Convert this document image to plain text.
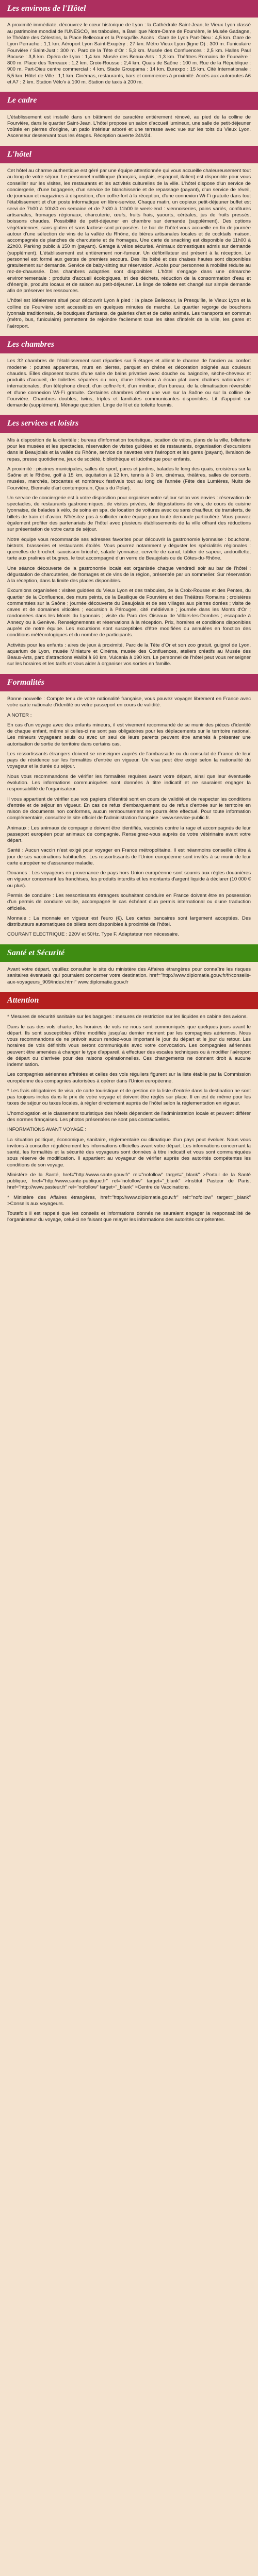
Les environs de l'Hôtel

A proximité immédiate, découvrez le cœur historique de Lyon : la Cathédrale Saint-Jean, le Vieux Lyon classé au patrimoine mondial de l'UNESCO, les traboules, la Basilique Notre-Dame de Fourvière, le Musée Gadagne, le Théâtre des Célestins, la Place Bellecour et la Presqu'île. Accès : Gare de Lyon Part-Dieu : 4,5 km. Gare de Lyon Perrache : 1,1 km. Aéroport Lyon Saint-Exupéry : 27 km. Métro Vieux Lyon (ligne D) : 300 m. Funiculaire Fourvière / Saint-Just : 300 m. Parc de la Tête d'Or : 5,3 km. Musée des Confluences : 2,5 km. Halles Paul Bocuse : 3,8 km. Opéra de Lyon : 1,4 km. Musée des Beaux-Arts : 1,3 km. Théâtres Romains de Fourvière : 800 m. Place des Terreaux : 1,2 km. Croix-Rousse : 2,4 km. Quais de Saône : 100 m. Rue de la République : 900 m. Part-Dieu centre commercial : 4 km. Stade Groupama : 14 km. Eurexpo : 15 km. Cité Internationale : 5,5 km. Hôtel de Ville : 1,1 km. Cinémas, restaurants, bars et commerces à proximité. Accès aux autoroutes A6 et A7 : 2 km. Station Vélo'v à 100 m. Station de taxis à 200 m.

Le cadre

L'établissement est installé dans un bâtiment de caractère entièrement rénové, au pied de la colline de Fourvière, dans le quartier Saint-Jean. L'hôtel propose un salon d'accueil lumineux, une salle de petit-déjeuner voûtée en pierres d'origine, un patio intérieur arboré et une terrasse avec vue sur les toits du Vieux Lyon. Ascenseur desservant tous les étages. Réception ouverte 24h/24.

L'hôtel

Cet hôtel au charme authentique est géré par une équipe attentionnée qui vous accueille chaleureusement tout au long de votre séjour. Le personnel multilingue (français, anglais, espagnol, italien) est disponible pour vous conseiller sur les visites, les restaurants et les activités culturelles de la ville. L'hôtel dispose d'un service de conciergerie, d'une bagagerie, d'un service de blanchisserie et de repassage (payant), d'un service de réveil, de journaux et magazines à disposition, d'un coffre-fort à la réception, d'une connexion Wi-Fi gratuite dans tout l'établissement et d'un poste informatique en libre-service. Chaque matin, un copieux petit-déjeuner buffet est servi de 7h00 à 10h30 en semaine et de 7h30 à 11h00 le week-end : viennoiseries, pains variés, confitures artisanales, fromages régionaux, charcuterie, œufs, fruits frais, yaourts, céréales, jus de fruits pressés, boissons chaudes. Possibilité de petit-déjeuner en chambre sur demande (supplément). Des options végétariennes, sans gluten et sans lactose sont proposées. Le bar de l'hôtel vous accueille en fin de journée autour d'une sélection de vins de la vallée du Rhône, de bières artisanales locales et de cocktails maison, accompagnés de planches de charcuterie et de fromages. Une carte de snacking est disponible de 11h00 à 22h00. Parking public à 150 m (payant). Garage à vélos sécurisé. Animaux domestiques admis sur demande (supplément). L'établissement est entièrement non-fumeur. Un défibrillateur est présent à la réception. Le personnel est formé aux gestes de premiers secours. Des lits bébé et des chaises hautes sont disponibles gratuitement sur demande. Service de baby-sitting sur réservation. Accès pour personnes à mobilité réduite au rez-de-chaussée. Des chambres adaptées sont disponibles. L'hôtel s'engage dans une démarche environnementale : produits d'accueil écologiques, tri des déchets, réduction de la consommation d'eau et d'énergie, produits locaux et de saison au petit-déjeuner. Le linge de toilette est changé sur simple demande afin de préserver les ressources.

L'hôtel est idéalement situé pour découvrir Lyon à pied : la place Bellecour, la Presqu'île, le Vieux Lyon et la colline de Fourvière sont accessibles en quelques minutes de marche. Le quartier regorge de bouchons lyonnais traditionnels, de boutiques d'artisans, de galeries d'art et de cafés animés. Les transports en commun (métro, bus, funiculaire) permettent de rejoindre facilement tous les sites d'intérêt de la ville, les gares et l'aéroport.

Les chambres

Les 32 chambres de l'établissement sont réparties sur 5 étages et allient le charme de l'ancien au confort moderne : poutres apparentes, murs en pierres, parquet en chêne et décoration soignée aux couleurs chaudes. Elles disposent toutes d'une salle de bains privative avec douche ou baignoire, sèche-cheveux et produits d'accueil, de toilettes séparées ou non, d'une télévision à écran plat avec chaînes nationales et internationales, d'un téléphone direct, d'un coffre-fort, d'un minibar, d'un bureau, de la climatisation réversible et d'une connexion Wi-Fi gratuite. Certaines chambres offrent une vue sur la Saône ou sur la colline de Fourvière. Chambres doubles, twins, triples et familiales communicantes disponibles. Lit d'appoint sur demande (supplément). Ménage quotidien. Linge de lit et de toilette fournis.

Les services et loisirs

Mis à disposition de la clientèle : bureau d'information touristique, location de vélos, plans de la ville, billetterie pour les musées et les spectacles, réservation de visites guidées et de restaurants, organisation d'excursions dans le Beaujolais et la vallée du Rhône, service de navettes vers l'aéroport et les gares (payant), livraison de repas, presse quotidienne, jeux de société, bibliothèque et ludothèque pour enfants.

A proximité : piscines municipales, salles de sport, parcs et jardins, balades le long des quais, croisières sur la Saône et le Rhône, golf à 15 km, équitation à 12 km, tennis à 3 km, cinémas, théâtres, salles de concerts, musées, marchés, brocantes et nombreux festivals tout au long de l'année (Fête des Lumières, Nuits de Fourvière, Biennale d'art contemporain, Quais du Polar).

Un service de conciergerie est à votre disposition pour organiser votre séjour selon vos envies : réservation de spectacles, de restaurants gastronomiques, de visites privées, de dégustations de vins, de cours de cuisine lyonnaise, de balades à vélo, de soins en spa, de location de voitures avec ou sans chauffeur, de transferts, de billets de train et d'avion. N'hésitez pas à solliciter notre équipe pour toute demande particulière. Vous pouvez également profiter des partenariats de l'hôtel avec plusieurs établissements de la ville offrant des réductions sur présentation de votre carte de séjour.

Notre équipe vous recommande ses adresses favorites pour découvrir la gastronomie lyonnaise : bouchons, bistrots, brasseries et restaurants étoilés. Vous pourrez notamment y déguster les spécialités régionales : quenelles de brochet, saucisson brioché, salade lyonnaise, cervelle de canut, tablier de sapeur, andouillette, tarte aux pralines et bugnes, le tout accompagné d'un verre de Beaujolais ou de Côtes-du-Rhône.

Une séance découverte de la gastronomie locale est organisée chaque vendredi soir au bar de l'hôtel : dégustation de charcuteries, de fromages et de vins de la région, présentée par un sommelier. Sur réservation à la réception, dans la limite des places disponibles.

Excursions organisées : visites guidées du Vieux Lyon et des traboules, de la Croix-Rousse et des Pentes, du quartier de la Confluence, des murs peints, de la Basilique de Fourvière et des Théâtres Romains ; croisières commentées sur la Saône ; journée découverte du Beaujolais et de ses villages aux pierres dorées ; visite de caves et de domaines viticoles ; excursion à Pérouges, cité médiévale ; journée dans les Monts d'Or ; randonnées dans les Monts du Lyonnais ; visite du Parc des Oiseaux de Villars-les-Dombes ; escapade à Annecy ou à Genève. Renseignements et réservations à la réception. Prix, horaires et conditions disponibles auprès de notre équipe. Les excursions sont susceptibles d'être modifiées ou annulées en fonction des conditions météorologiques et du nombre de participants.

Activités pour les enfants : aires de jeux à proximité, Parc de la Tête d'Or et son zoo gratuit, guignol de Lyon, aquarium de Lyon, musée Miniature et Cinéma, musée des Confluences, ateliers créatifs au Musée des Beaux-Arts, parc d'attractions Walibi à 60 km, Vulcania à 190 km. Le personnel de l'hôtel peut vous renseigner sur les horaires et les tarifs et vous aider à organiser vos sorties en famille.

Formalités

Bonne nouvelle : Compte tenu de votre nationalité française, vous pouvez voyager librement en France avec votre carte nationale d'identité ou votre passeport en cours de validité.

A NOTER :

En cas d'un voyage avec des enfants mineurs, il est vivement recommandé de se munir des pièces d'identité de chaque enfant, même si celles-ci ne sont pas obligatoires pour les déplacements sur le territoire national. Les mineurs voyageant seuls ou avec un seul de leurs parents peuvent être amenés à présenter une autorisation de sortie de territoire dans certains cas.

Les ressortissants étrangers doivent se renseigner auprès de l'ambassade ou du consulat de France de leur pays de résidence sur les formalités d'entrée en vigueur. Un visa peut être exigé selon la nationalité du voyageur et la durée du séjour.

Nous vous recommandons de vérifier les formalités requises avant votre départ, ainsi que leur éventuelle évolution. Les informations communiquées sont données à titre indicatif et ne sauraient engager la responsabilité de l'organisateur.

Il vous appartient de vérifier que vos papiers d'identité sont en cours de validité et de respecter les conditions d'entrée et de séjour en vigueur. En cas de refus d'embarquement ou de refus d'entrée sur le territoire en raison de documents non conformes, aucun remboursement ne pourra être effectué. Pour toute information complémentaire, consultez le site officiel de l'administration française : www.service-public.fr.

Animaux : Les animaux de compagnie doivent être identifiés, vaccinés contre la rage et accompagnés de leur passeport européen pour animaux de compagnie. Renseignez-vous auprès de votre vétérinaire avant votre départ.

Santé : Aucun vaccin n'est exigé pour voyager en France métropolitaine. Il est néanmoins conseillé d'être à jour de ses vaccinations habituelles. Les ressortissants de l'Union européenne sont invités à se munir de leur carte européenne d'assurance maladie.

Douanes : Les voyageurs en provenance de pays hors Union européenne sont soumis aux règles douanières en vigueur concernant les franchises, les produits interdits et les montants d'argent liquide à déclarer (10 000 € ou plus).

Permis de conduire : Les ressortissants étrangers souhaitant conduire en France doivent être en possession d'un permis de conduire valide, accompagné le cas échéant d'un permis international ou d'une traduction officielle.

Monnaie : La monnaie en vigueur est l'euro (€). Les cartes bancaires sont largement acceptées. Des distributeurs automatiques de billets sont disponibles à proximité de l'hôtel.

COURANT ELECTRIQUE : 220V et 50Hz. Type F. Adaptateur non nécessaire.

Santé et Sécurité

Avant votre départ, veuillez consulter le site du ministère des Affaires étrangères pour connaître les risques sanitaires éventuels qui pourraient concerner votre destination. href="http://www.diplomatie.gouv.fr/fr/conseils-aux-voyageurs_909/index.html" www.diplomatie.gouv.fr

Attention

* Mesures de sécurité sanitaire sur les bagages : mesures de restriction sur les liquides en cabine des avions.

Dans le cas des vols charter, les horaires de vols ne nous sont communiqués que quelques jours avant le départ. Ils sont susceptibles d'être modifiés jusqu'au dernier moment par les compagnies aériennes. Nous vous recommandons de ne prévoir aucun rendez-vous important le jour du départ et le jour du retour. Les horaires de vols définitifs vous seront communiqués avec votre convocation. Les compagnies aériennes peuvent être amenées à changer le type d'appareil, à effectuer des escales techniques ou à modifier l'aéroport de départ ou d'arrivée pour des raisons opérationnelles. Ces changements ne donnent droit à aucune indemnisation.

Les compagnies aériennes affrétées et celles des vols réguliers figurent sur la liste établie par la Commission européenne des compagnies autorisées à opérer dans l'Union européenne.

* Les frais obligatoires de visa, de carte touristique et de gestion de la liste d'entrée dans la destination ne sont pas toujours inclus dans le prix de votre voyage et doivent être réglés sur place. Il en est de même pour les taxes de séjour ou taxes locales, à régler directement auprès de l'hôtel selon la réglementation en vigueur.

L'homologation et le classement touristique des hôtels dépendent de l'administration locale et peuvent différer des normes françaises. Les photos présentées ne sont pas contractuelles.

INFORMATIONS AVANT VOYAGE :

La situation politique, économique, sanitaire, réglementaire ou climatique d'un pays peut évoluer. Nous vous invitons à consulter régulièrement les informations officielles avant votre départ. Les informations concernant la santé, les formalités et la sécurité des voyageurs sont données à titre indicatif et vous sont communiquées sous réserve de modification. Il appartient au voyageur de vérifier auprès des autorités compétentes les conditions de son voyage.

Ministère de la Santé, href="http://www.sante.gouv.fr" rel="nofollow" target="_blank" >Portail de la Santé publique, href="http://www.sante-publique.fr" rel="nofollow" target="_blank" >Institut Pasteur de Paris, href="http://www.pasteur.fr" rel="nofollow" target="_blank" >Centre de Vaccinations.

* Ministère des Affaires étrangères, href="http://www.diplomatie.gouv.fr" rel="nofollow" target="_blank" >Conseils aux voyageurs.

Toutefois il est rappelé que les conseils et informations donnés ne sauraient engager la responsabilité de l'organisateur du voyage, celui-ci ne faisant que relayer les informations des autorités compétentes.
